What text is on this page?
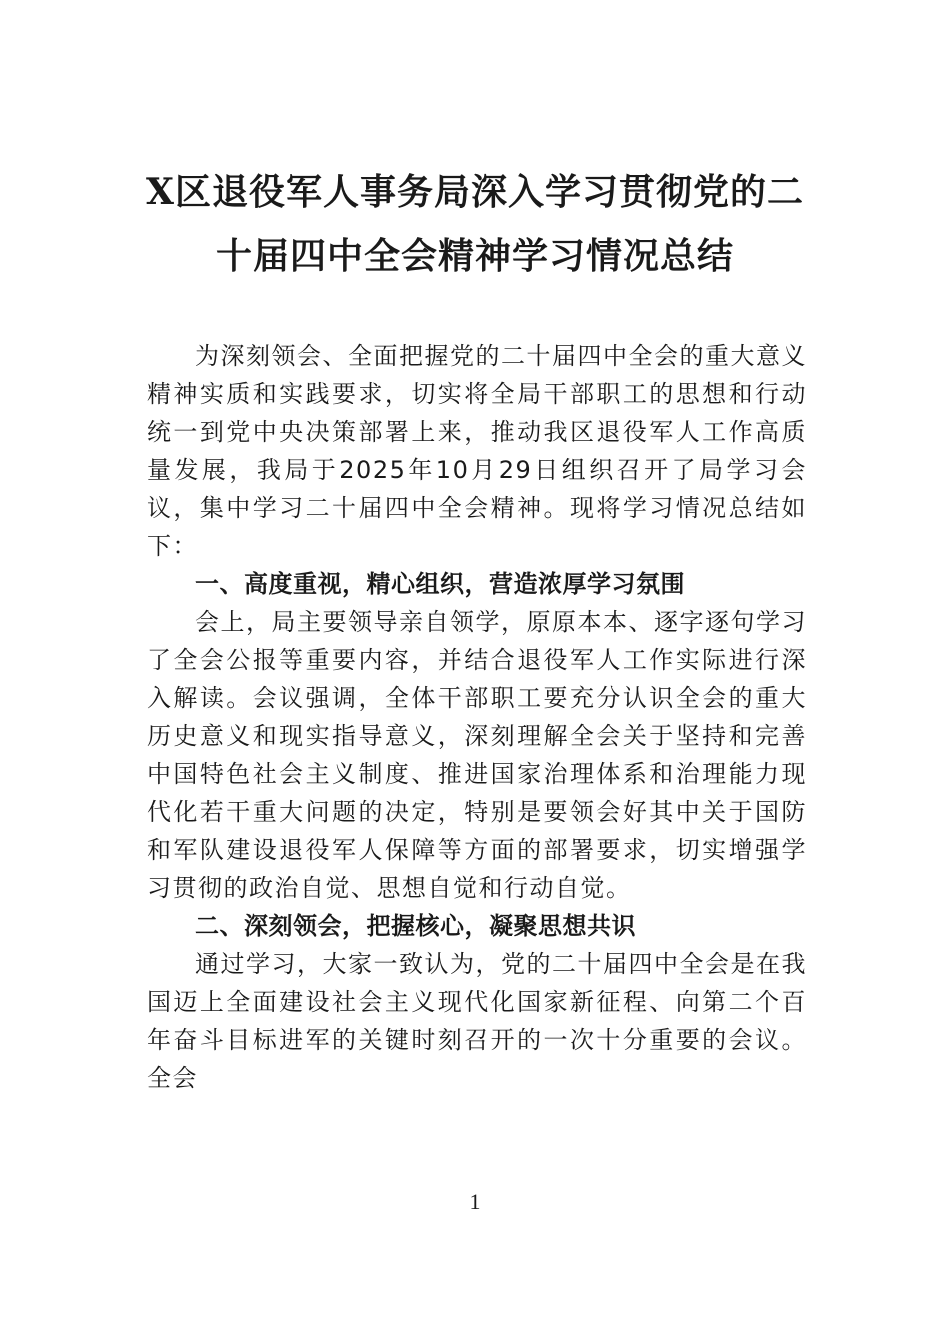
X区退役军人事务局深入学习贯彻党的二
十届四中全会精神学习情况总结

为深刻领会、全面把握党的二十届四中全会的重大意义精神实质和实践要求，切实将全局干部职工的思想和行动统一到党中央决策部署上来，推动我区退役军人工作高质量发展，我局于2025年10月29日组织召开了局学习会议，集中学习二十届四中全会精神。现将学习情况总结如下：

一、高度重视，精心组织，营造浓厚学习氛围

会上，局主要领导亲自领学，原原本本、逐字逐句学习了全会公报等重要内容，并结合退役军人工作实际进行深入解读。会议强调，全体干部职工要充分认识全会的重大历史意义和现实指导意义，深刻理解全会关于坚持和完善中国特色社会主义制度、推进国家治理体系和治理能力现代化若干重大问题的决定，特别是要领会好其中关于国防和军队建设退役军人保障等方面的部署要求，切实增强学习贯彻的政治自觉、思想自觉和行动自觉。

二、深刻领会，把握核心，凝聚思想共识

通过学习，大家一致认为，党的二十届四中全会是在我国迈上全面建设社会主义现代化国家新征程、向第二个百年奋斗目标进军的关键时刻召开的一次十分重要的会议。全会

1
